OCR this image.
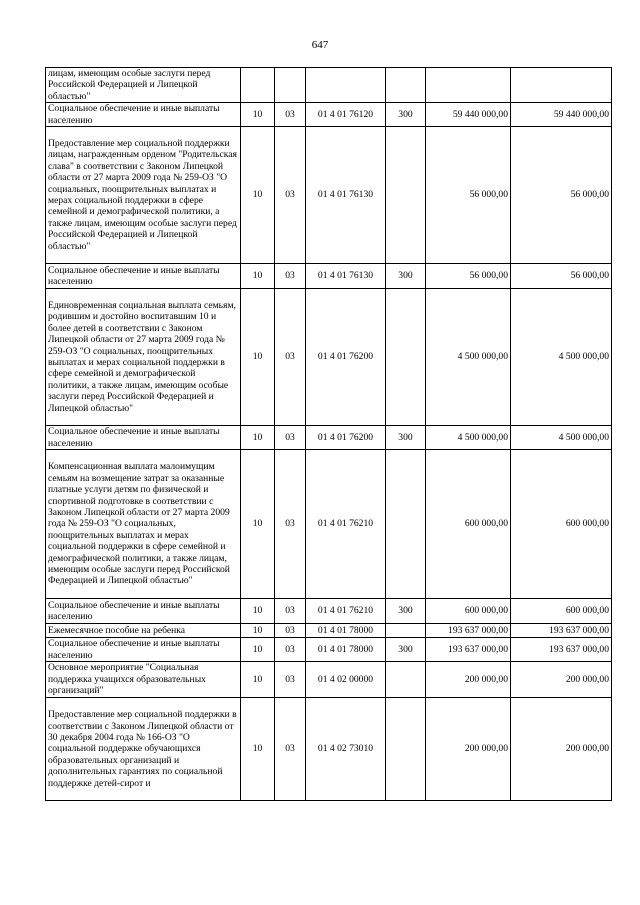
647
лицам, имеющим особые заслуги перед Российской Федерацией и Липецкой областью"						
Социальное обеспечение и иные выплаты населению	10	03	01 4 01 76120	300	59 440 000,00	59 440 000,00
Предоставление мер социальной поддержки лицам, награжденным орденом "Родительская слава" в соответствии с Законом Липецкой области от 27 марта 2009 года № 259-ОЗ "О социальных, поощрительных выплатах и мерах социальной поддержки в сфере семейной и демографической политики, а также лицам, имеющим особые заслуги перед Российской Федерацией и Липецкой областью"	10	03	01 4 01 76130		56 000,00	56 000,00
Социальное обеспечение и иные выплаты населению	10	03	01 4 01 76130	300	56 000,00	56 000,00
Единовременная социальная выплата семьям, родившим и достойно воспитавшим 10 и более детей в соответствии с Законом Липецкой области от 27 марта 2009 года № 259-ОЗ "О социальных, поощрительных выплатах и мерах социальной поддержки в сфере семейной и демографической политики, а также лицам, имеющим особые заслуги перед Российской Федерацией и Липецкой областью"	10	03	01 4 01 76200		4 500 000,00	4 500 000,00
Социальное обеспечение и иные выплаты населению	10	03	01 4 01 76200	300	4 500 000,00	4 500 000,00
Компенсационная выплата малоимущим семьям на возмещение затрат за оказанные платные услуги детям по физической и спортивной подготовке в соответствии с Законом Липецкой области от 27 марта 2009 года № 259-ОЗ "О социальных, поощрительных выплатах и мерах социальной поддержки в сфере семейной и демографической политики, а также лицам, имеющим особые заслуги перед Российской Федерацией и Липецкой областью"	10	03	01 4 01 76210		600 000,00	600 000,00
Социальное обеспечение и иные выплаты населению	10	03	01 4 01 76210	300	600 000,00	600 000,00
Ежемесячное пособие на ребенка	10	03	01 4 01 78000		193 637 000,00	193 637 000,00
Социальное обеспечение и иные выплаты населению	10	03	01 4 01 78000	300	193 637 000,00	193 637 000,00
Основное мероприятие "Социальная поддержка учащихся образовательных организаций"	10	03	01 4 02 00000		200 000,00	200 000,00
Предоставление мер социальной поддержки в соответствии с Законом Липецкой области от 30 декабря 2004 года № 166-ОЗ "О социальной поддержке обучающихся образовательных организаций и дополнительных гарантиях по социальной поддержке детей-сирот и	10	03	01 4 02 73010		200 000,00	200 000,00
